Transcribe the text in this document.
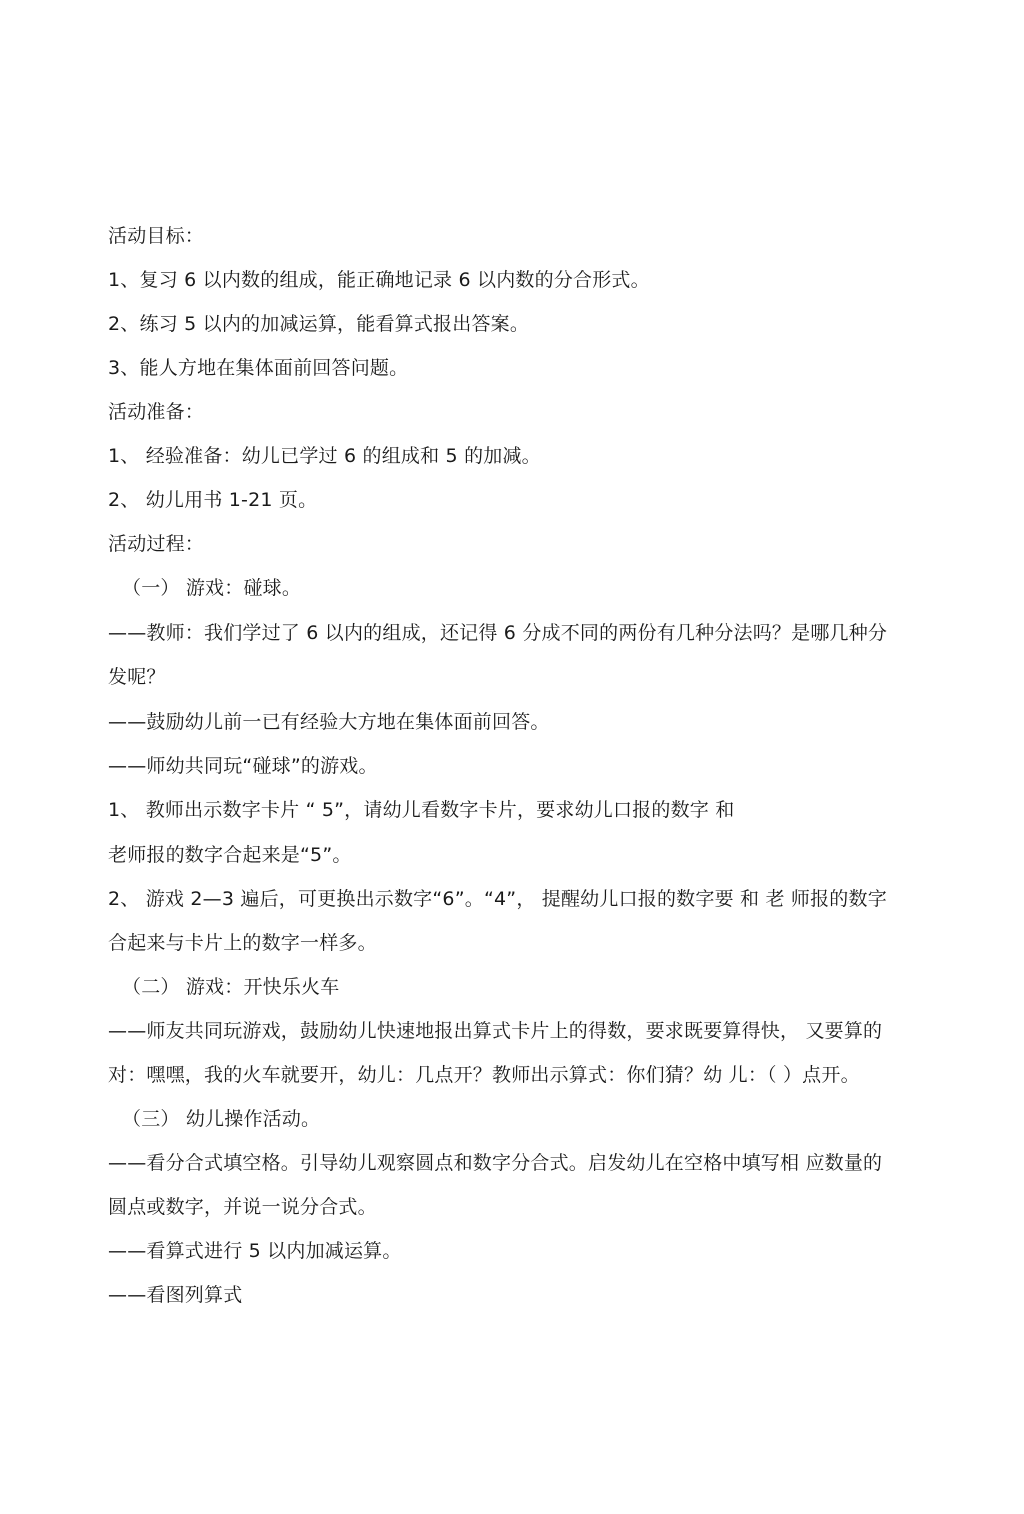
活动目标：
1、复习 6 以内数的组成，能正确地记录 6 以内数的分合形式。
2、练习 5 以内的加减运算，能看算式报出答案。
3、能人方地在集体面前回答问题。
活动准备：
1、 经验准备：幼儿已学过 6 的组成和 5 的加减。
2、 幼儿用书 1-21 页。
活动过程：
（一） 游戏：碰球。
——教师：我们学过了 6 以内的组成，还记得 6 分成不同的两份有几种分法吗？是哪几种分
发呢？
——鼓励幼儿前一已有经验大方地在集体面前回答。
——师幼共同玩“碰球”的游戏。
1、 教师出示数字卡片 “ 5”，请幼儿看数字卡片，要求幼儿口报的数字 和
老师报的数字合起来是“5”。
2、 游戏 2—3 遍后，可更换出示数字“6”。“4”， 提醒幼儿口报的数字要 和 老 师报的数字
合起来与卡片上的数字一样多。
（二） 游戏：开快乐火车
——师友共同玩游戏，鼓励幼儿快速地报出算式卡片上的得数，要求既要算得快， 又要算的
对：嘿嘿，我的火车就要开，幼儿：几点开？教师出示算式：你们猜？幼 儿：（ ）点开。
（三） 幼儿操作活动。
——看分合式填空格。引导幼儿观察圆点和数字分合式。启发幼儿在空格中填写相 应数量的
圆点或数字，并说一说分合式。
——看算式进行 5 以内加减运算。
——看图列算式
